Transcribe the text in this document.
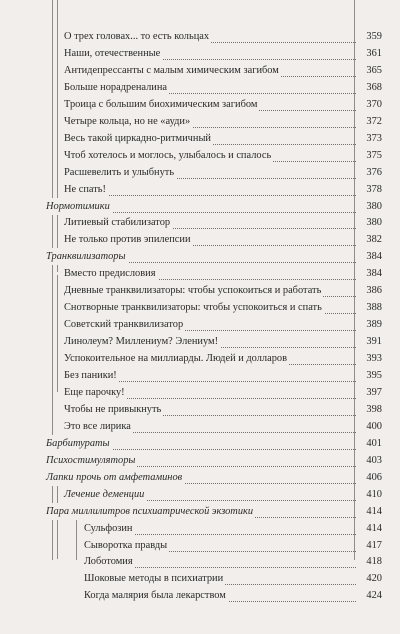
О трех головах... то есть кольцах	359
Наши, отечественные	361
Антидепрессанты с малым химическим загибом	365
Больше норадреналина	368
Троица с большим биохимическим загибом	370
Четыре кольца, но не «ауди»	372
Весь такой циркадно-ритмичный	373
Чтоб хотелось и моглось, улыбалось и спалось	375
Расшевелить и улыбнуть	376
Не спать!	378
Нормотимики	380
Литиевый стабилизатор	380
Не только против эпилепсии	382
Транквилизаторы	384
Вместо предисловия	384
Дневные транквилизаторы: чтобы успокоиться и работать	386
Снотворные транквилизаторы: чтобы успокоиться и спать	388
Советский транквилизатор	389
Линолеум? Миллениум? Элениум!	391
Успокоительное на миллиарды. Людей и долларов	393
Без паники!	395
Еще парочку!	397
Чтобы не привыкнуть	398
Это все лирика	400
Барбитураты	401
Психостимуляторы	403
Лапки прочь от амфетаминов	406
Лечение деменции	410
Пара миллилитров психиатрической экзотики	414
Сульфозин	414
Сыворотка правды	417
Лоботомия	418
Шоковые методы в психиатрии	420
Когда малярия была лекарством	424
